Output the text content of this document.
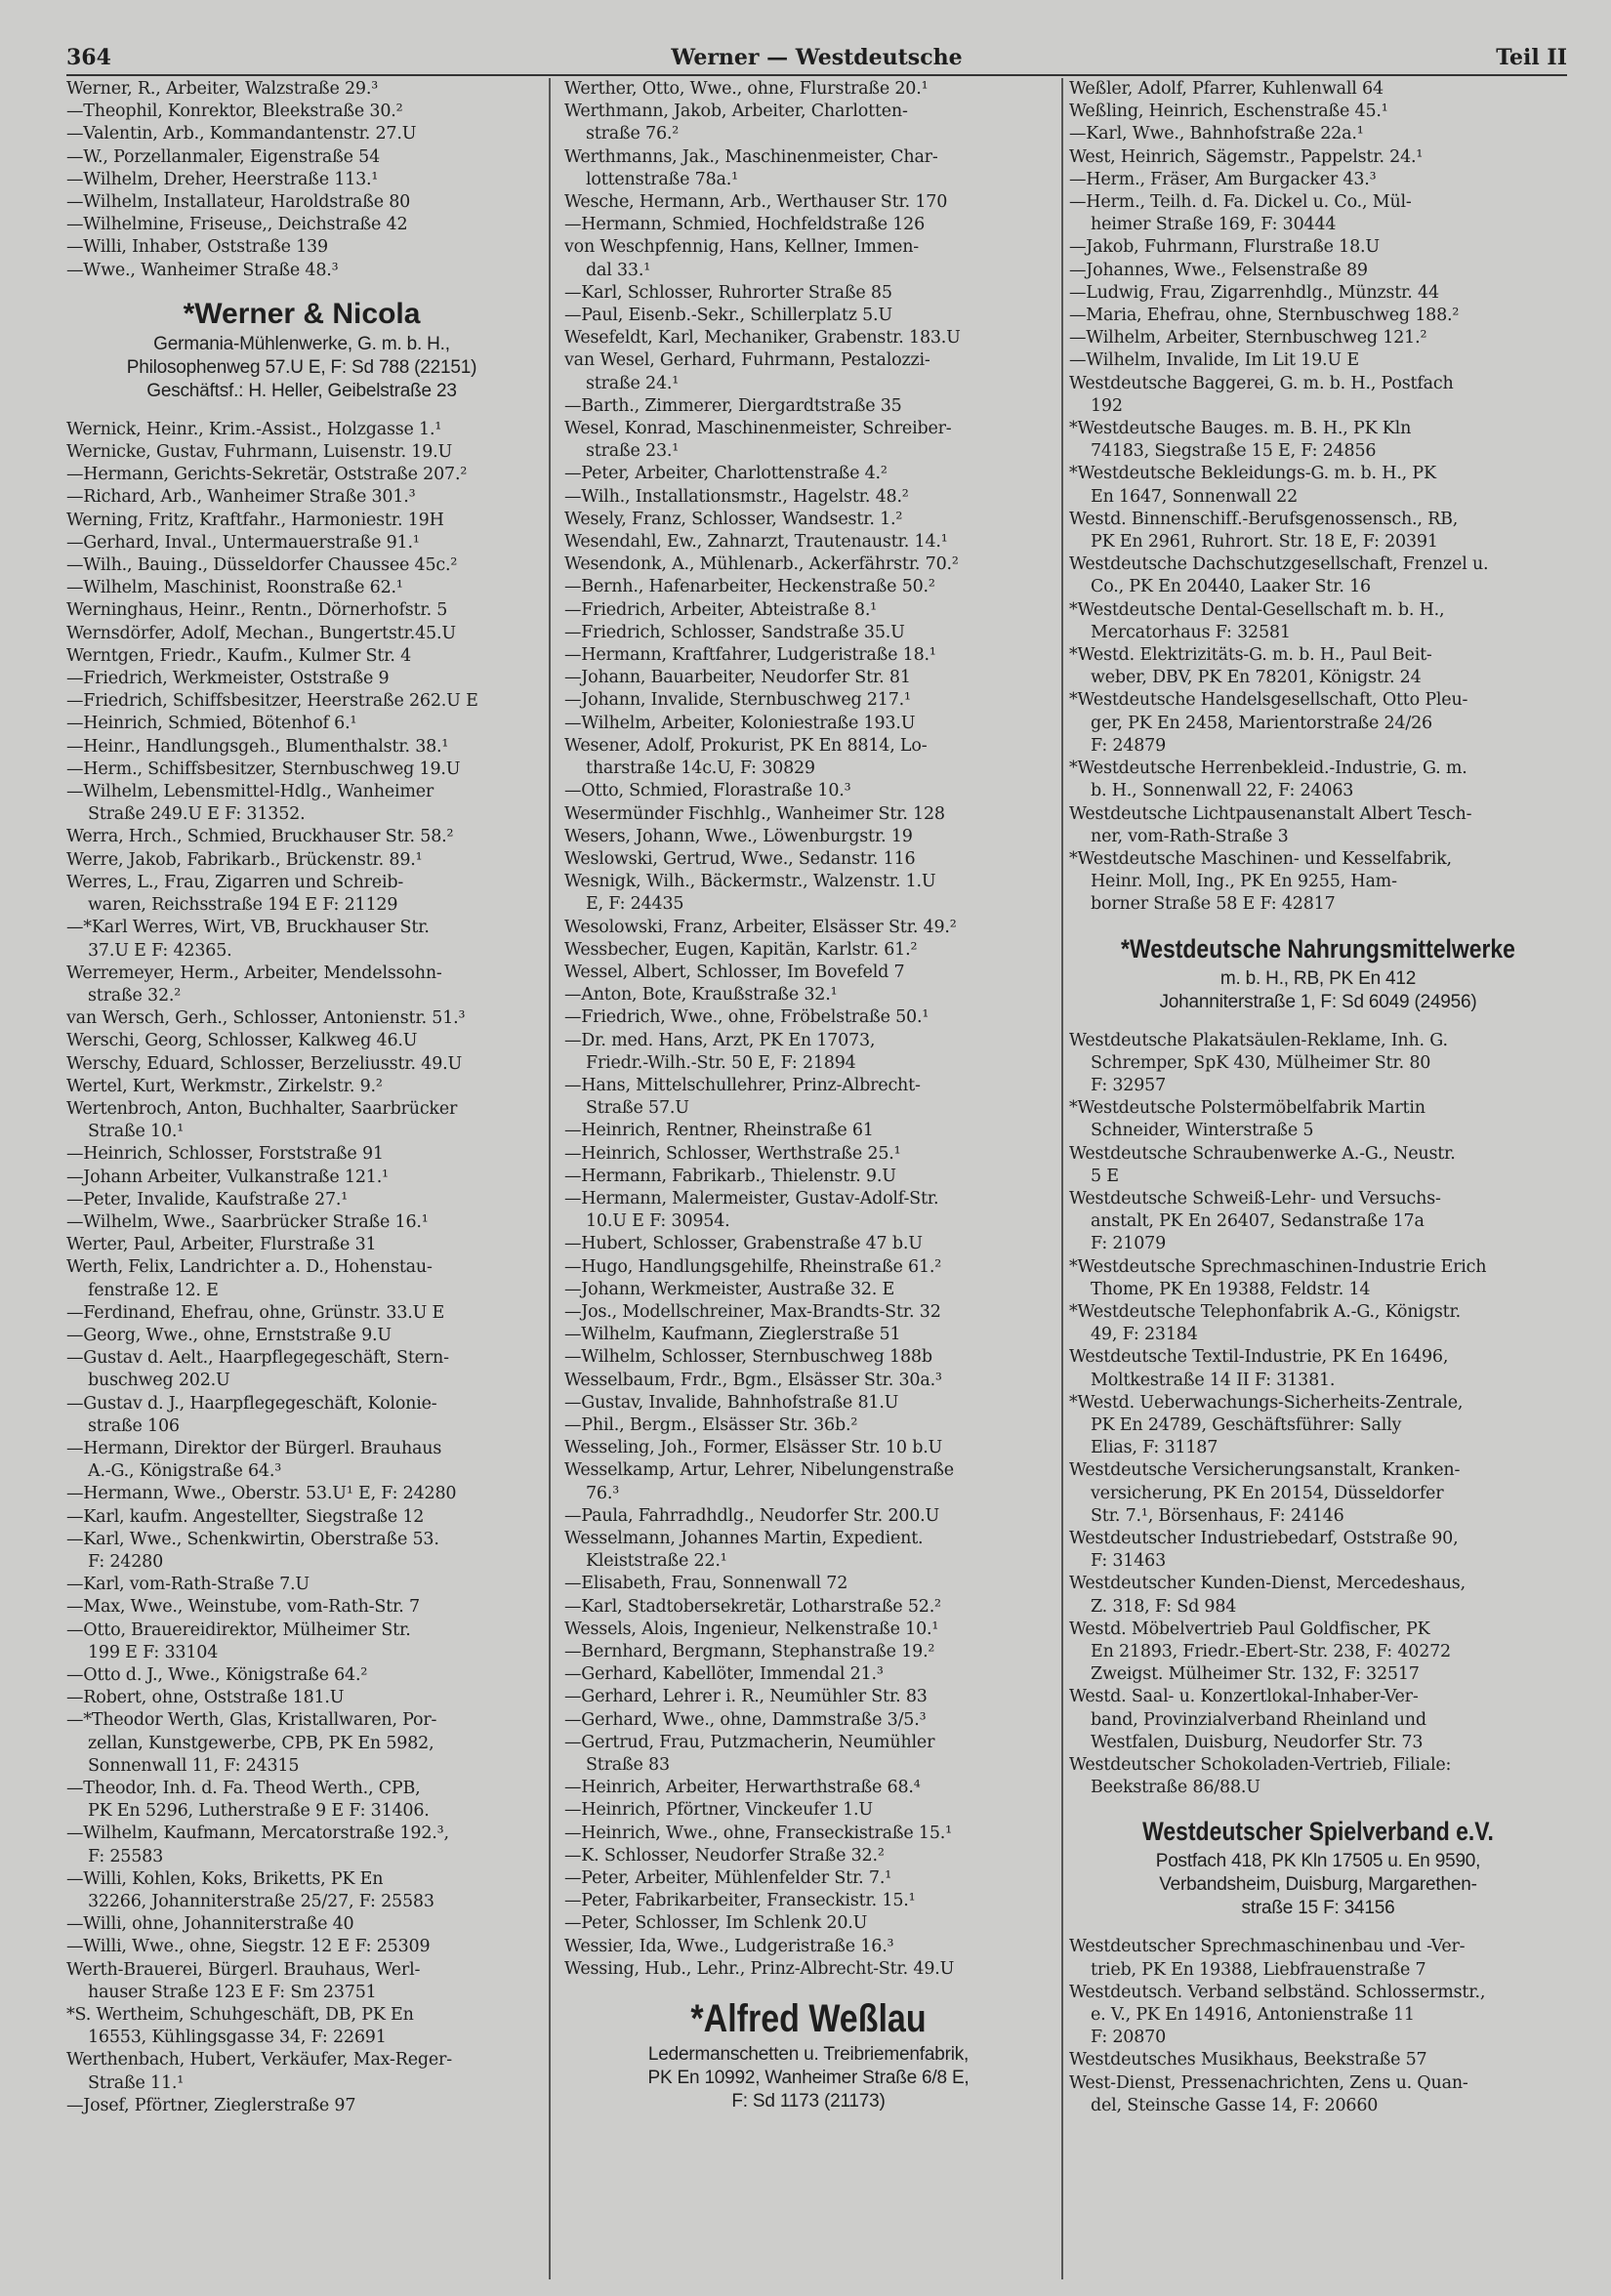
364	Werner — Westdeutsche	Teil II
Werner, R., Arbeiter, Walzstraße 29.³
—Theophil, Konrektor, Bleekstraße 30.²
—Valentin, Arb., Kommandantenstr. 27.U
—W., Porzellanmaler, Eigenstraße 54
—Wilhelm, Dreher, Heerstraße 113.¹
—Wilhelm, Installateur, Haroldstraße 80
—Wilhelmine, Friseuse,, Deichstraße 42
—Willi, Inhaber, Oststraße 139
—Wwe., Wanheimer Straße 48.³
*Werner & Nicola
Germania-Mühlenwerke, G. m. b. H.,
Philosophenweg 57.U E, F: Sd 788 (22151)
Geschäftsf.: H. Heller, Geibelstraße 23
Wernick, Heinr., Krim.-Assist., Holzgasse 1.¹
Wernicke, Gustav, Fuhrmann, Luisenstr. 19.U
—Hermann, Gerichts-Sekretär, Oststraße 207.²
—Richard, Arb., Wanheimer Straße 301.³
Werning, Fritz, Kraftfahr., Harmoniestr. 19H
—Gerhard, Inval., Untermauerstraße 91.¹
—Wilh., Bauing., Düsseldorfer Chaussee 45c.²
—Wilhelm, Maschinist, Roonstraße 62.¹
Werninghaus, Heinr., Rentn., Dörnerhofstr. 5
Wernsdörfer, Adolf, Mechan., Bungertstr.45.U
Werntgen, Friedr., Kaufm., Kulmer Str. 4
—Friedrich, Werkmeister, Oststraße 9
—Friedrich, Schiffsbesitzer, Heerstraße 262.U E
—Heinrich, Schmied, Bötenhof 6.¹
—Heinr., Handlungsgeh., Blumenthalstr. 38.¹
—Herm., Schiffsbesitzer, Sternbuschweg 19.U
—Wilhelm, Lebensmittel-Hdlg., Wanheimer
Straße 249.U E F: 31352.
Werra, Hrch., Schmied, Bruckhauser Str. 58.²
Werre, Jakob, Fabrikarb., Brückenstr. 89.¹
Werres, L., Frau, Zigarren und Schreib-
waren, Reichsstraße 194 E F: 21129
—*Karl Werres, Wirt, VB, Bruckhauser Str.
37.U E F: 42365.
Werremeyer, Herm., Arbeiter, Mendelssohn-
straße 32.²
van Wersch, Gerh., Schlosser, Antonienstr. 51.³
Werschi, Georg, Schlosser, Kalkweg 46.U
Werschy, Eduard, Schlosser, Berzeliusstr. 49.U
Wertel, Kurt, Werkmstr., Zirkelstr. 9.²
Wertenbroch, Anton, Buchhalter, Saarbrücker
Straße 10.¹
—Heinrich, Schlosser, Forststraße 91
—Johann Arbeiter, Vulkanstraße 121.¹
—Peter, Invalide, Kaufstraße 27.¹
—Wilhelm, Wwe., Saarbrücker Straße 16.¹
Werter, Paul, Arbeiter, Flurstraße 31
Werth, Felix, Landrichter a. D., Hohenstau-
fenstraße 12. E
—Ferdinand, Ehefrau, ohne, Grünstr. 33.U E
—Georg, Wwe., ohne, Ernststraße 9.U
—Gustav d. Aelt., Haarpflegegeschäft, Stern-
buschweg 202.U
—Gustav d. J., Haarpflegegeschäft, Kolonie-
straße 106
—Hermann, Direktor der Bürgerl. Brauhaus
A.-G., Königstraße 64.³
—Hermann, Wwe., Oberstr. 53.U¹ E, F: 24280
—Karl, kaufm. Angestellter, Siegstraße 12
—Karl, Wwe., Schenkwirtin, Oberstraße 53.
F: 24280
—Karl, vom-Rath-Straße 7.U
—Max, Wwe., Weinstube, vom-Rath-Str. 7
—Otto, Brauereidirektor, Mülheimer Str.
199 E F: 33104
—Otto d. J., Wwe., Königstraße 64.²
—Robert, ohne, Oststraße 181.U
—*Theodor Werth, Glas, Kristallwaren, Por-
zellan, Kunstgewerbe, CPB, PK En 5982,
Sonnenwall 11, F: 24315
—Theodor, Inh. d. Fa. Theod Werth., CPB,
PK En 5296, Lutherstraße 9 E F: 31406.
—Wilhelm, Kaufmann, Mercatorstraße 192.³,
F: 25583
—Willi, Kohlen, Koks, Briketts, PK En
32266, Johanniterstraße 25/27, F: 25583
—Willi, ohne, Johanniterstraße 40
—Willi, Wwe., ohne, Siegstr. 12 E F: 25309
Werth-Brauerei, Bürgerl. Brauhaus, Werl-
hauser Straße 123 E F: Sm 23751
*S. Wertheim, Schuhgeschäft, DB, PK En
16553, Kühlingsgasse 34, F: 22691
Werthenbach, Hubert, Verkäufer, Max-Reger-
Straße 11.¹
—Josef, Pförtner, Zieglerstraße 97
Werther, Otto, Wwe., ohne, Flurstraße 20.¹
Werthmann, Jakob, Arbeiter, Charlotten-
straße 76.²
Werthmanns, Jak., Maschinenmeister, Char-
lottenstraße 78a.¹
Wesche, Hermann, Arb., Werthauser Str. 170
—Hermann, Schmied, Hochfeldstraße 126
von Weschpfennig, Hans, Kellner, Immen-
dal 33.¹
—Karl, Schlosser, Ruhrorter Straße 85
—Paul, Eisenb.-Sekr., Schillerplatz 5.U
Wesefeldt, Karl, Mechaniker, Grabenstr. 183.U
van Wesel, Gerhard, Fuhrmann, Pestalozzi-
straße 24.¹
—Barth., Zimmerer, Diergardtstraße 35
Wesel, Konrad, Maschinenmeister, Schreiber-
straße 23.¹
—Peter, Arbeiter, Charlottenstraße 4.²
—Wilh., Installationsmstr., Hagelstr. 48.²
Wesely, Franz, Schlosser, Wandsestr. 1.²
Wesendahl, Ew., Zahnarzt, Trautenaustr. 14.¹
Wesendonk, A., Mühlenarb., Ackerfährstr. 70.²
—Bernh., Hafenarbeiter, Heckenstraße 50.²
—Friedrich, Arbeiter, Abteistraße 8.¹
—Friedrich, Schlosser, Sandstraße 35.U
—Hermann, Kraftfahrer, Ludgeristraße 18.¹
—Johann, Bauarbeiter, Neudorfer Str. 81
—Johann, Invalide, Sternbuschweg 217.¹
—Wilhelm, Arbeiter, Koloniestraße 193.U
Wesener, Adolf, Prokurist, PK En 8814, Lo-
tharstraße 14c.U, F: 30829
—Otto, Schmied, Florastraße 10.³
Wesermünder Fischhlg., Wanheimer Str. 128
Wesers, Johann, Wwe., Löwenburgstr. 19
Weslowski, Gertrud, Wwe., Sedanstr. 116
Wesnigk, Wilh., Bäckermstr., Walzenstr. 1.U
E, F: 24435
Wesolowski, Franz, Arbeiter, Elsässer Str. 49.²
Wessbecher, Eugen, Kapitän, Karlstr. 61.²
Wessel, Albert, Schlosser, Im Bovefeld 7
—Anton, Bote, Kraußstraße 32.¹
—Friedrich, Wwe., ohne, Fröbelstraße 50.¹
—Dr. med. Hans, Arzt, PK En 17073,
Friedr.-Wilh.-Str. 50 E, F: 21894
—Hans, Mittelschullehrer, Prinz-Albrecht-
Straße 57.U
—Heinrich, Rentner, Rheinstraße 61
—Heinrich, Schlosser, Werthstraße 25.¹
—Hermann, Fabrikarb., Thielenstr. 9.U
—Hermann, Malermeister, Gustav-Adolf-Str.
10.U E F: 30954.
—Hubert, Schlosser, Grabenstraße 47 b.U
—Hugo, Handlungsgehilfe, Rheinstraße 61.²
—Johann, Werkmeister, Austraße 32. E
—Jos., Modellschreiner, Max-Brandts-Str. 32
—Wilhelm, Kaufmann, Zieglerstraße 51
—Wilhelm, Schlosser, Sternbuschweg 188b
Wesselbaum, Frdr., Bgm., Elsässer Str. 30a.³
—Gustav, Invalide, Bahnhofstraße 81.U
—Phil., Bergm., Elsässer Str. 36b.²
Wesseling, Joh., Former, Elsässer Str. 10 b.U
Wesselkamp, Artur, Lehrer, Nibelungenstraße
76.³
—Paula, Fahrradhdlg., Neudorfer Str. 200.U
Wesselmann, Johannes Martin, Expedient.
Kleiststraße 22.¹
—Elisabeth, Frau, Sonnenwall 72
—Karl, Stadtobersekretär, Lotharstraße 52.²
Wessels, Alois, Ingenieur, Nelkenstraße 10.¹
—Bernhard, Bergmann, Stephanstraße 19.²
—Gerhard, Kabellöter, Immendal 21.³
—Gerhard, Lehrer i. R., Neumühler Str. 83
—Gerhard, Wwe., ohne, Dammstraße 3/5.³
—Gertrud, Frau, Putzmacherin, Neumühler
Straße 83
—Heinrich, Arbeiter, Herwarthstraße 68.⁴
—Heinrich, Pförtner, Vinckeufer 1.U
—Heinrich, Wwe., ohne, Franseckistraße 15.¹
—K. Schlosser, Neudorfer Straße 32.²
—Peter, Arbeiter, Mühlenfelder Str. 7.¹
—Peter, Fabrikarbeiter, Franseckistr. 15.¹
—Peter, Schlosser, Im Schlenk 20.U
Wessier, Ida, Wwe., Ludgeristraße 16.³
Wessing, Hub., Lehr., Prinz-Albrecht-Str. 49.U
*Alfred Weßlau
Ledermanschetten u. Treibriemenfabrik,
PK En 10992, Wanheimer Straße 6/8 E,
F: Sd 1173 (21173)
Weßler, Adolf, Pfarrer, Kuhlenwall 64
Weßling, Heinrich, Eschenstraße 45.¹
—Karl, Wwe., Bahnhofstraße 22a.¹
West, Heinrich, Sägemstr., Pappelstr. 24.¹
—Herm., Fräser, Am Burgacker 43.³
—Herm., Teilh. d. Fa. Dickel u. Co., Mül-
heimer Straße 169, F: 30444
—Jakob, Fuhrmann, Flurstraße 18.U
—Johannes, Wwe., Felsenstraße 89
—Ludwig, Frau, Zigarrenhdlg., Münzstr. 44
—Maria, Ehefrau, ohne, Sternbuschweg 188.²
—Wilhelm, Arbeiter, Sternbuschweg 121.²
—Wilhelm, Invalide, Im Lit 19.U E
Westdeutsche Baggerei, G. m. b. H., Postfach
192
*Westdeutsche Bauges. m. B. H., PK Kln
74183, Siegstraße 15 E, F: 24856
*Westdeutsche Bekleidungs-G. m. b. H., PK
En 1647, Sonnenwall 22
Westd. Binnenschiff.-Berufsgenossensch., RB,
PK En 2961, Ruhrort. Str. 18 E, F: 20391
Westdeutsche Dachschutzgesellschaft, Frenzel u.
Co., PK En 20440, Laaker Str. 16
*Westdeutsche Dental-Gesellschaft m. b. H.,
Mercatorhaus F: 32581
*Westd. Elektrizitäts-G. m. b. H., Paul Beit-
weber, DBV, PK En 78201, Königstr. 24
*Westdeutsche Handelsgesellschaft, Otto Pleu-
ger, PK En 2458, Marientorstraße 24/26
F: 24879
*Westdeutsche Herrenbekleid.-Industrie, G. m.
b. H., Sonnenwall 22, F: 24063
Westdeutsche Lichtpausenanstalt Albert Tesch-
ner, vom-Rath-Straße 3
*Westdeutsche Maschinen- und Kesselfabrik,
Heinr. Moll, Ing., PK En 9255, Ham-
borner Straße 58 E F: 42817
*Westdeutsche Nahrungsmittelwerke
m. b. H., RB, PK En 412
Johanniterstraße 1, F: Sd 6049 (24956)
Westdeutsche Plakatsäulen-Reklame, Inh. G.
Schremper, SpK 430, Mülheimer Str. 80
F: 32957
*Westdeutsche Polstermöbelfabrik Martin
Schneider, Winterstraße 5
Westdeutsche Schraubenwerke A.-G., Neustr.
5 E
Westdeutsche Schweiß-Lehr- und Versuchs-
anstalt, PK En 26407, Sedanstraße 17a
F: 21079
*Westdeutsche Sprechmaschinen-Industrie Erich
Thome, PK En 19388, Feldstr. 14
*Westdeutsche Telephonfabrik A.-G., Königstr.
49, F: 23184
Westdeutsche Textil-Industrie, PK En 16496,
Moltkestraße 14 II F: 31381.
*Westd. Ueberwachungs-Sicherheits-Zentrale,
PK En 24789, Geschäftsführer: Sally
Elias, F: 31187
Westdeutsche Versicherungsanstalt, Kranken-
versicherung, PK En 20154, Düsseldorfer
Str. 7.¹, Börsenhaus, F: 24146
Westdeutscher Industriebedarf, Oststraße 90,
F: 31463
Westdeutscher Kunden-Dienst, Mercedeshaus,
Z. 318, F: Sd 984
Westd. Möbelvertrieb Paul Goldfischer, PK
En 21893, Friedr.-Ebert-Str. 238, F: 40272
Zweigst. Mülheimer Str. 132, F: 32517
Westd. Saal- u. Konzertlokal-Inhaber-Ver-
band, Provinzialverband Rheinland und
Westfalen, Duisburg, Neudorfer Str. 73
Westdeutscher Schokoladen-Vertrieb, Filiale:
Beekstraße 86/88.U
Westdeutscher Spielverband e.V.
Postfach 418, PK Kln 17505 u. En 9590,
Verbandsheim, Duisburg, Margarethen-
straße 15 F: 34156
Westdeutscher Sprechmaschinenbau und -Ver-
trieb, PK En 19388, Liebfrauenstraße 7
Westdeutsch. Verband selbständ. Schlossermstr.,
e. V., PK En 14916, Antonienstraße 11
F: 20870
Westdeutsches Musikhaus, Beekstraße 57
West-Dienst, Pressenachrichten, Zens u. Quan-
del, Steinsche Gasse 14, F: 20660
